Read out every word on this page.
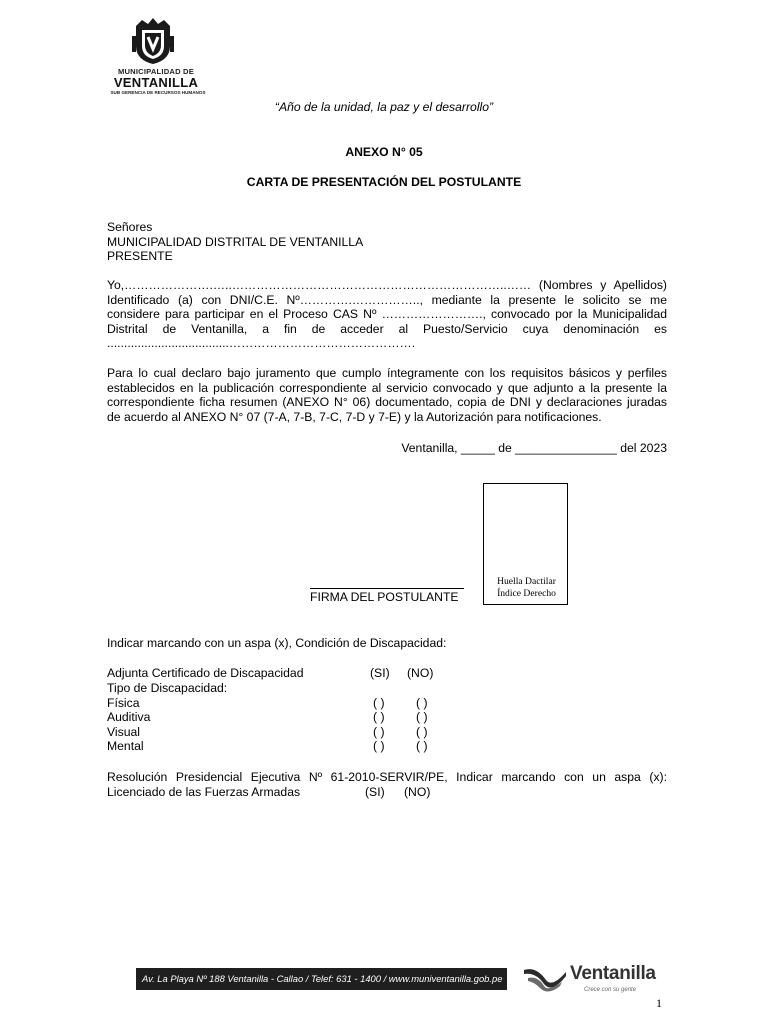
MUNICIPALIDAD DE
VENTANILLA
SUB GERENCIA DE RECURSOS HUMANOS
“Año de la unidad, la paz y el desarrollo”
ANEXO N° 05
CARTA DE PRESENTACIÓN DEL POSTULANTE
Señores
MUNICIPALIDAD DISTRITAL DE VENTANILLA
PRESENTE
Yo,………………….…..…………………………………………………………..…… (Nombres y Apellidos)
Identificado (a) con DNI/C.E. Nº………….…………….., mediante la presente le solicito se me
considere para participar en el Proceso CAS Nº ……………………., convocado por la Municipalidad
Distrital de Ventanilla, a fin de acceder al Puesto/Servicio cuya denominación es
....................................……………………………………….
Para lo cual declaro bajo juramento que cumplo íntegramente con los requisitos básicos y perfiles
establecidos en la publicación correspondiente al servicio convocado y que adjunto a la presente la
correspondiente ficha resumen (ANEXO N° 06) documentado, copia de DNI y declaraciones juradas
de acuerdo al ANEXO N° 07 (7-A, 7-B, 7-C, 7-D y 7-E) y la Autorización para notificaciones.
Ventanilla, _____ de _______________ del 2023
Huella Dactilar
Índice Derecho
FIRMA DEL POSTULANTE
Indicar marcando con un aspa (x), Condición de Discapacidad:
Adjunta Certificado de Discapacidad	(SI) (NO)
Tipo de Discapacidad:
Física	( )	( )
Auditiva	( )	( )
Visual	( )	( )
Mental	( )	( )
Resolución Presidencial Ejecutiva Nº 61-2010-SERVIR/PE, Indicar marcando con un aspa (x):
Licenciado de las Fuerzas Armadas	(SI) (NO)
Av. La Playa Nº 188 Ventanilla - Callao / Telef: 631 - 1400 / www.muniventanilla.gob.pe	Ventanilla
Crece con su gente
1
